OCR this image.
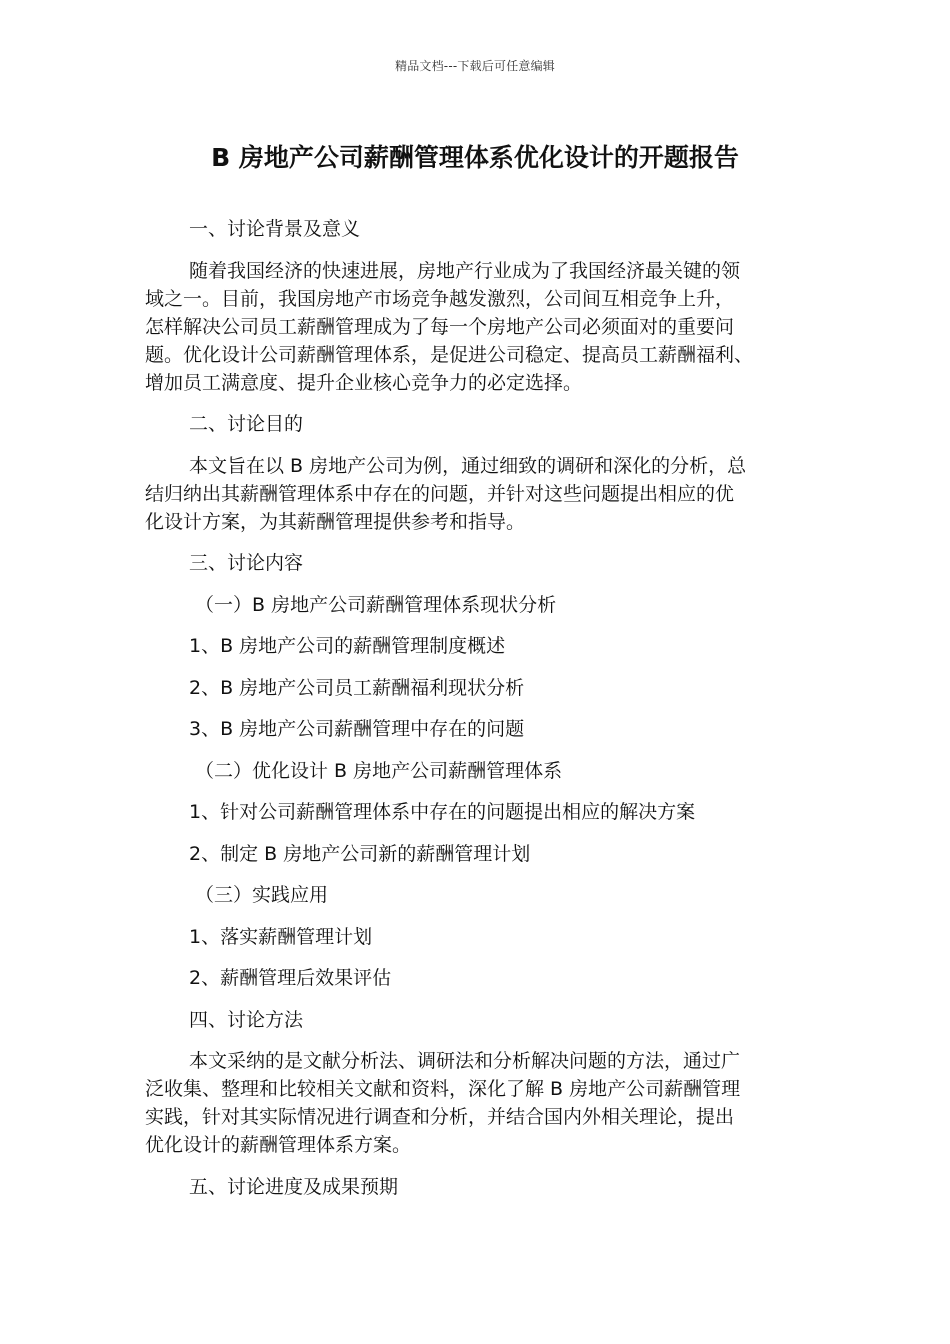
精品文档---下载后可任意编辑
B 房地产公司薪酬管理体系优化设计的开题报告

一、讨论背景及意义

随着我国经济的快速进展，房地产行业成为了我国经济最关键的领
域之一。目前，我国房地产市场竞争越发激烈，公司间互相竞争上升，
怎样解决公司员工薪酬管理成为了每一个房地产公司必须面对的重要问
题。优化设计公司薪酬管理体系，是促进公司稳定、提高员工薪酬福利、
增加员工满意度、提升企业核心竞争力的必定选择。

二、讨论目的

本文旨在以 B 房地产公司为例，通过细致的调研和深化的分析，总
结归纳出其薪酬管理体系中存在的问题，并针对这些问题提出相应的优
化设计方案，为其薪酬管理提供参考和指导。

三、讨论内容

（一）B 房地产公司薪酬管理体系现状分析

1、B 房地产公司的薪酬管理制度概述

2、B 房地产公司员工薪酬福利现状分析

3、B 房地产公司薪酬管理中存在的问题

（二）优化设计 B 房地产公司薪酬管理体系

1、针对公司薪酬管理体系中存在的问题提出相应的解决方案

2、制定 B 房地产公司新的薪酬管理计划

（三）实践应用

1、落实薪酬管理计划

2、薪酬管理后效果评估

四、讨论方法

本文采纳的是文献分析法、调研法和分析解决问题的方法，通过广
泛收集、整理和比较相关文献和资料，深化了解 B 房地产公司薪酬管理
实践，针对其实际情况进行调查和分析，并结合国内外相关理论，提出
优化设计的薪酬管理体系方案。

五、讨论进度及成果预期
